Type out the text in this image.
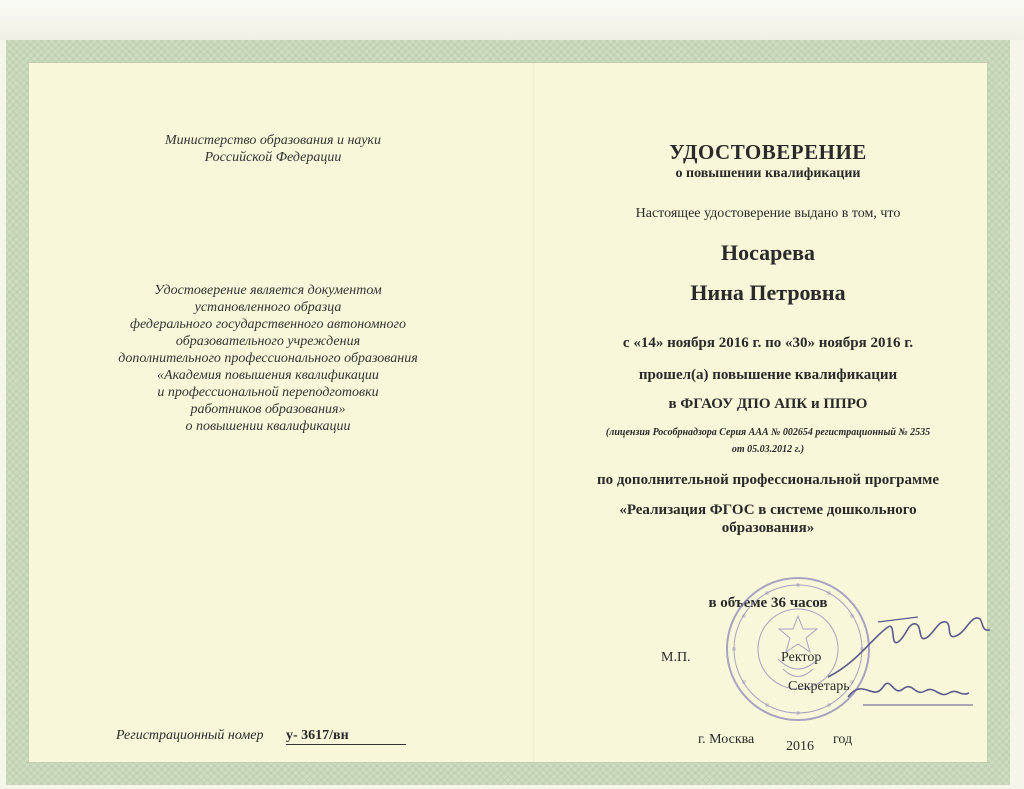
Министерство образования и науки
Российской Федерации
Удостоверение является документом
установленного образца
федерального государственного автономного
образовательного учреждения
дополнительного профессионального образования
«Академия повышения квалификации
и профессиональной переподготовки
работников образования»
о повышении квалификации
Регистрационный номер у- 3617/вн
УДОСТОВЕРЕНИЕ
о повышении квалификации
Настоящее удостоверение выдано в том, что
Носарева
Нина Петровна
с «14» ноября 2016 г. по «30» ноября 2016 г.
прошел(а) повышение квалификации
в ФГАОУ ДПО АПК и ППРО
(лицензия Рособрнадзора Серия ААА № 002654 регистрационный № 2535
от 05.03.2012 г.)
по дополнительной профессиональной программе
«Реализация ФГОС в системе дошкольного
образования»
в объеме 36 часов
М.П.	Ректор
Секретарь
г. Москва 2016 год
